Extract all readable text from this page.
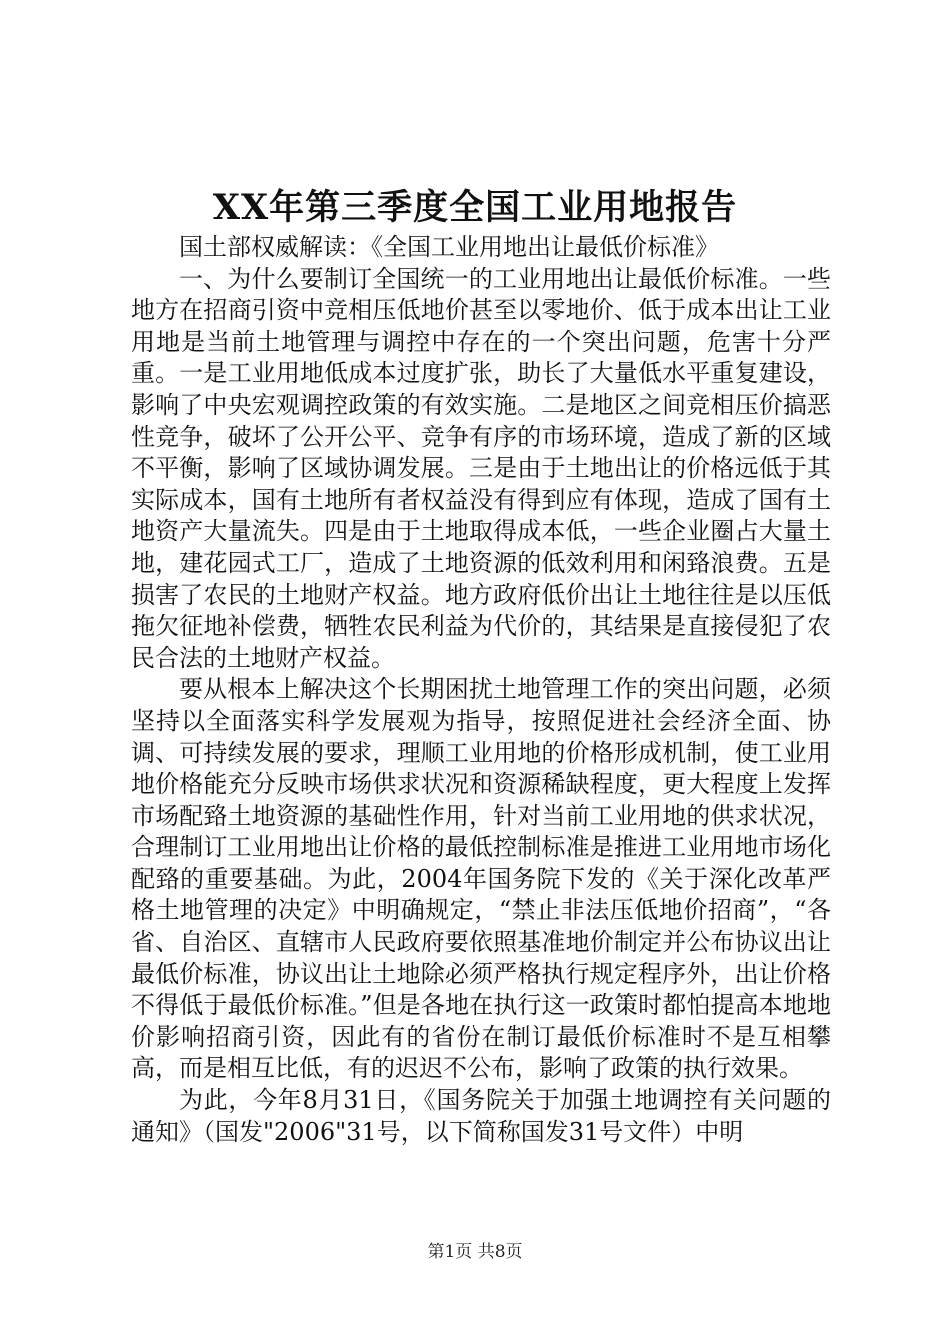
XX年第三季度全国工业用地报告

国土部权威解读：《全国工业用地出让最低价标准》

一、为什么要制订全国统一的工业用地出让最低价标准。一些地方在招商引资中竞相压低地价甚至以零地价、低于成本出让工业用地是当前土地管理与调控中存在的一个突出问题，危害十分严重。一是工业用地低成本过度扩张，助长了大量低水平重复建设，影响了中央宏观调控政策的有效实施。二是地区之间竞相压价搞恶性竞争，破坏了公开公平、竞争有序的市场环境，造成了新的区域不平衡，影响了区域协调发展。三是由于土地出让的价格远低于其实际成本，国有土地所有者权益没有得到应有体现，造成了国有土地资产大量流失。四是由于土地取得成本低，一些企业圈占大量土地，建花园式工厂，造成了土地资源的低效利用和闲臵浪费。五是损害了农民的土地财产权益。地方政府低价出让土地往往是以压低拖欠征地补偿费，牺牲农民利益为代价的，其结果是直接侵犯了农民合法的土地财产权益。

要从根本上解决这个长期困扰土地管理工作的突出问题，必须坚持以全面落实科学发展观为指导，按照促进社会经济全面、协调、可持续发展的要求，理顺工业用地的价格形成机制，使工业用地价格能充分反映市场供求状况和资源稀缺程度，更大程度上发挥市场配臵土地资源的基础性作用，针对当前工业用地的供求状况，合理制订工业用地出让价格的最低控制标准是推进工业用地市场化配臵的重要基础。为此，2004年国务院下发的《关于深化改革严格土地管理的决定》中明确规定，“禁止非法压低地价招商”，“各省、自治区、直辖市人民政府要依照基准地价制定并公布协议出让最低价标准，协议出让土地除必须严格执行规定程序外，出让价格不得低于最低价标准。”但是各地在执行这一政策时都怕提高本地地价影响招商引资，因此有的省份在制订最低价标准时不是互相攀高，而是相互比低，有的迟迟不公布，影响了政策的执行效果。

为此，今年8月31日，《国务院关于加强土地调控有关问题的通知》（国发"2006"31号，以下简称国发31号文件）中明

第1页 共8页
